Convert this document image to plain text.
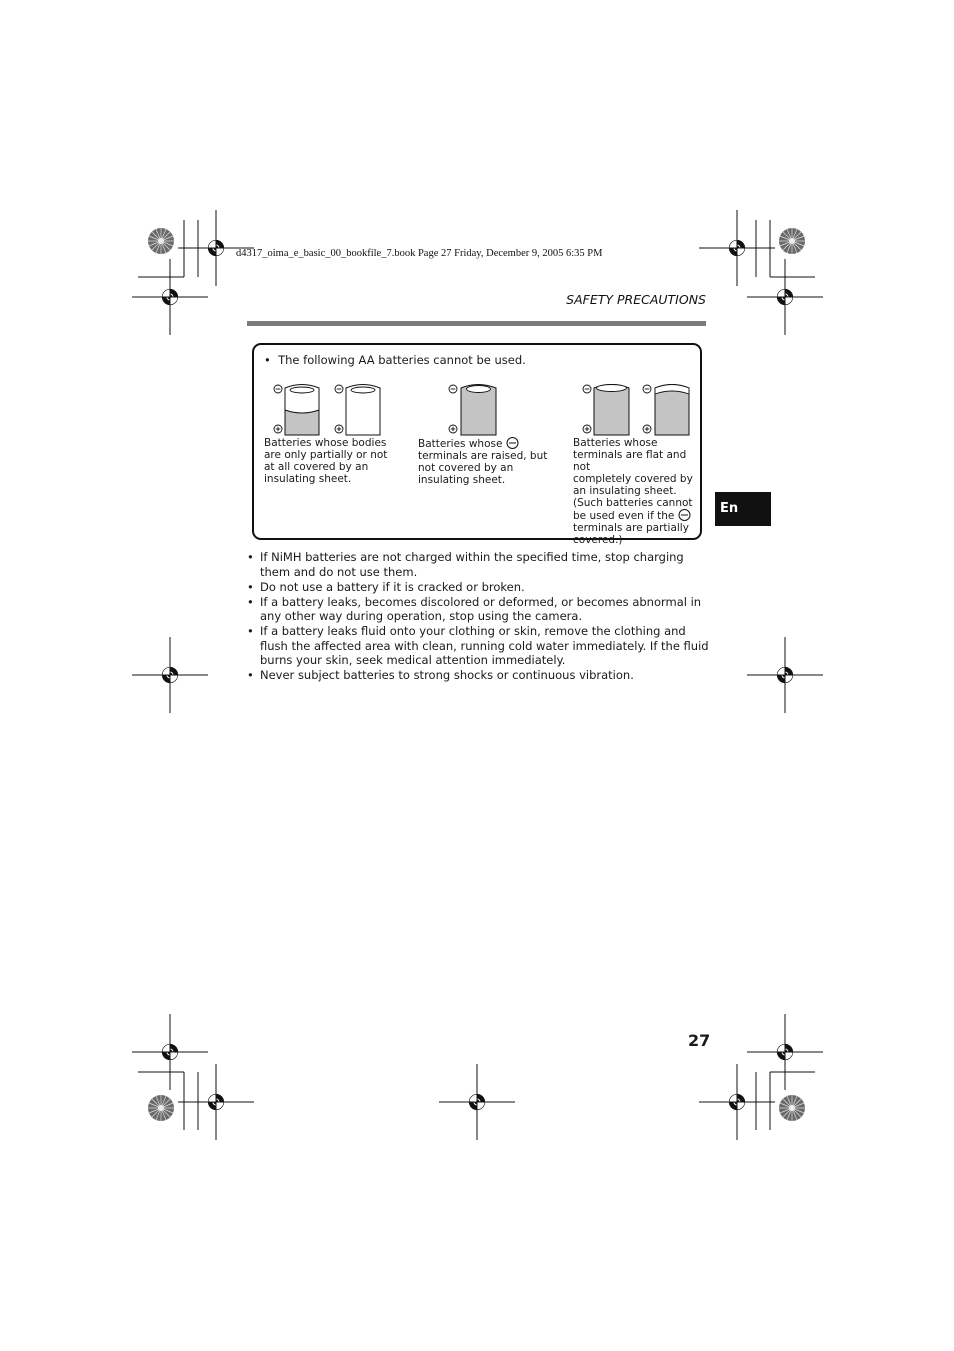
d4317_oima_e_basic_00_bookfile_7.book Page 27 Friday, December 9, 2005 6:35 PM
SAFETY PRECAUTIONS
•  The following AA batteries cannot be used.
Batteries whose bodies
are only partially or not
at all covered by an
insulating sheet.
Batteries whose
terminals are raised, but
not covered by an
insulating sheet.
Batteries whose
terminals are flat and not
completely covered by
an insulating sheet.
(Such batteries cannot
be used even if the
terminals are partially
covered.)
• If NiMH batteries are not charged within the specified time, stop charging them and do not use them.
• Do not use a battery if it is cracked or broken.
• If a battery leaks, becomes discolored or deformed, or becomes abnormal in any other way during operation, stop using the camera.
• If a battery leaks fluid onto your clothing or skin, remove the clothing and flush the affected area with clean, running cold water immediately. If the fluid burns your skin, seek medical attention immediately.
• Never subject batteries to strong shocks or continuous vibration.
En
27
